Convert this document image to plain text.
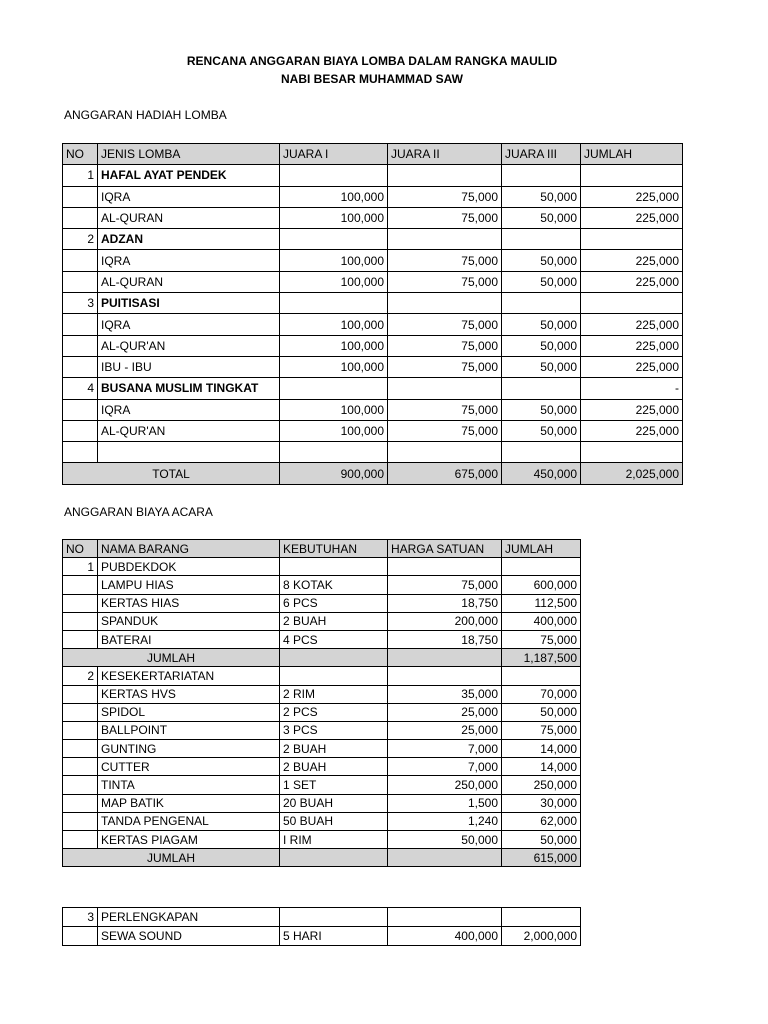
RENCANA ANGGARAN BIAYA LOMBA DALAM RANGKA MAULID
NABI BESAR MUHAMMAD SAW
ANGGARAN HADIAH LOMBA
NO	JENIS LOMBA	JUARA I	JUARA II	JUARA III	JUMLAH
1	HAFAL AYAT PENDEK				
	IQRA	100,000	75,000	50,000	225,000
	AL-QURAN	100,000	75,000	50,000	225,000
2	ADZAN				
	IQRA	100,000	75,000	50,000	225,000
	AL-QURAN	100,000	75,000	50,000	225,000
3	PUITISASI				
	IQRA	100,000	75,000	50,000	225,000
	AL-QUR'AN	100,000	75,000	50,000	225,000
	IBU - IBU	100,000	75,000	50,000	225,000
4	BUSANA MUSLIM TINGKAT				-
	IQRA	100,000	75,000	50,000	225,000
	AL-QUR'AN	100,000	75,000	50,000	225,000

TOTAL		900,000	675,000	450,000	2,025,000
ANGGARAN BIAYA ACARA
NO	NAMA BARANG	KEBUTUHAN	HARGA SATUAN	JUMLAH
1	PUBDEKDOK			
	LAMPU HIAS	8 KOTAK	75,000	600,000
	KERTAS HIAS	6 PCS	18,750	112,500
	SPANDUK	2 BUAH	200,000	400,000
	BATERAI	4 PCS	18,750	75,000
JUMLAH				1,187,500
2	KESEKERTARIATAN			
	KERTAS HVS	2 RIM	35,000	70,000
	SPIDOL	2 PCS	25,000	50,000
	BALLPOINT	3 PCS	25,000	75,000
	GUNTING	2 BUAH	7,000	14,000
	CUTTER	2 BUAH	7,000	14,000
	TINTA	1 SET	250,000	250,000
	MAP BATIK	20 BUAH	1,500	30,000
	TANDA PENGENAL	50 BUAH	1,240	62,000
	KERTAS PIAGAM	I RIM	50,000	50,000
JUMLAH				615,000
3	PERLENGKAPAN			
	SEWA SOUND	5 HARI	400,000	2,000,000
